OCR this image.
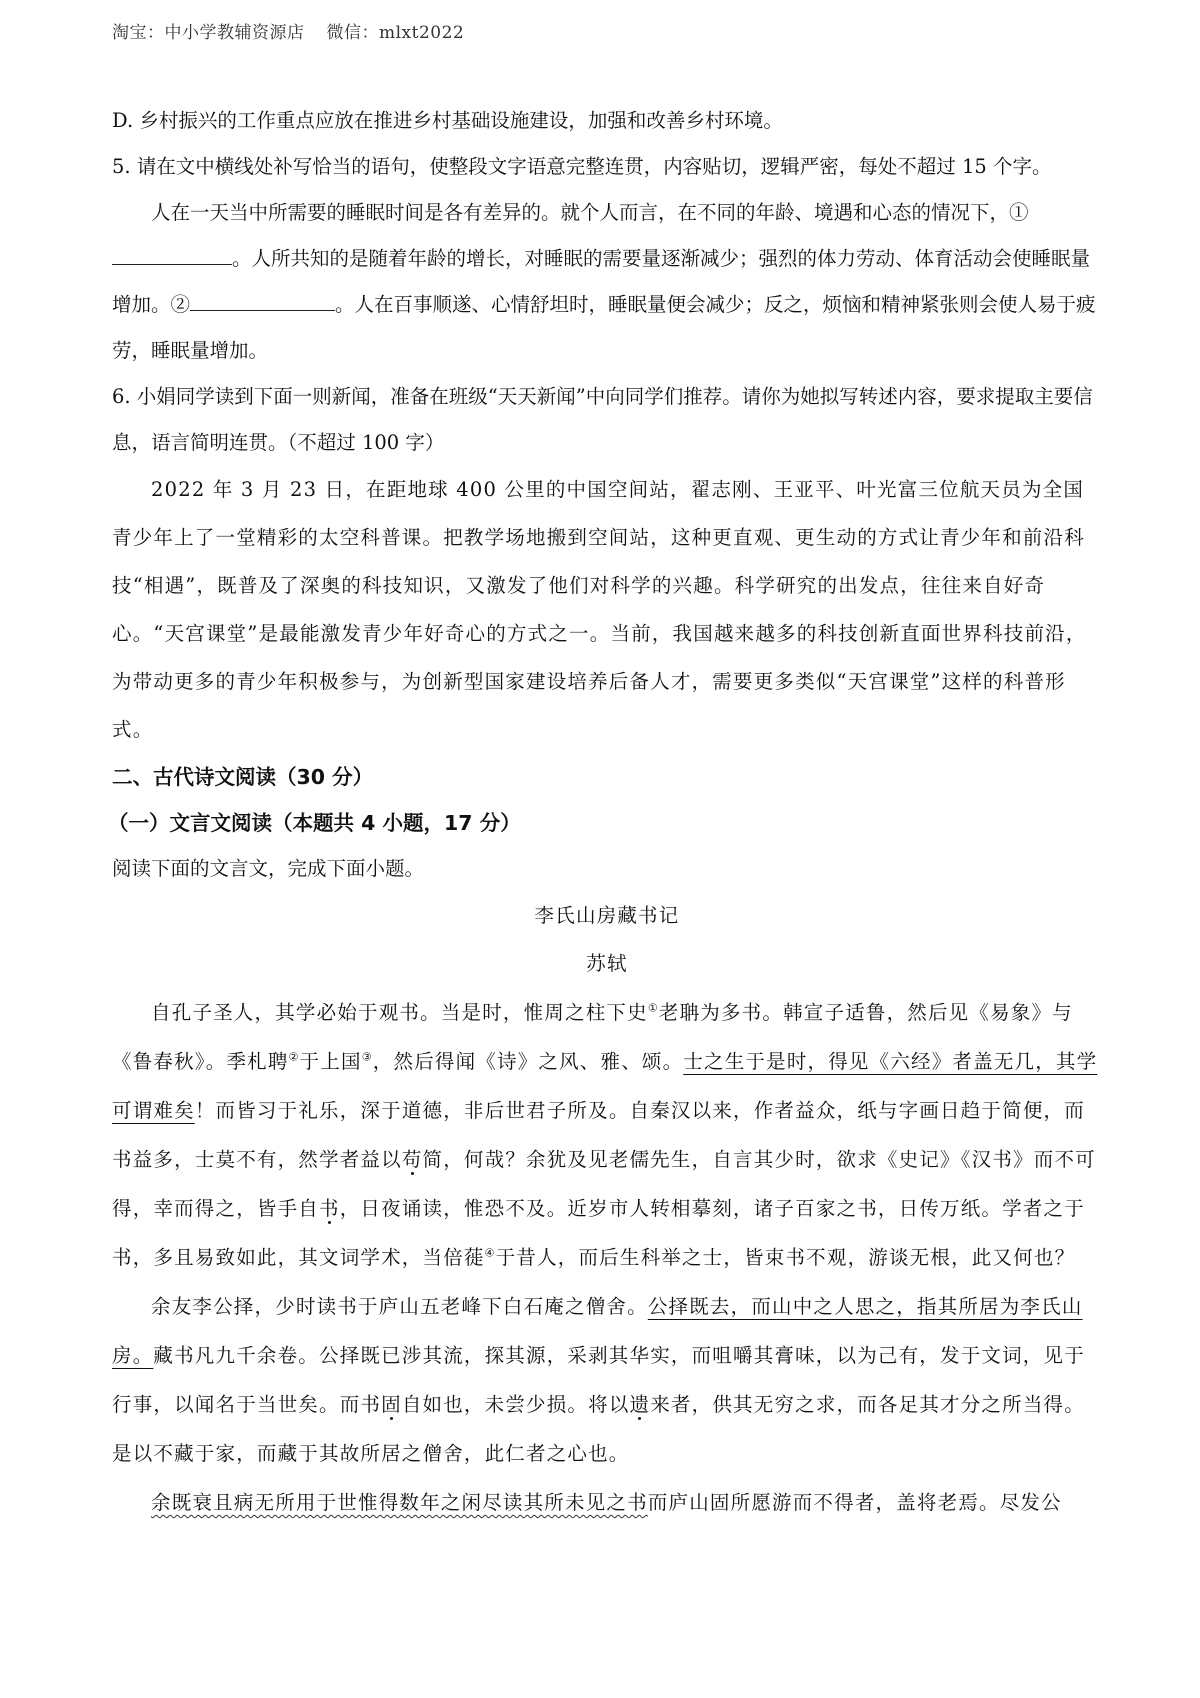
淘宝：中小学教辅资源店 微信：mlxt2022

D. 乡村振兴的工作重点应放在推进乡村基础设施建设，加强和改善乡村环境。

5. 请在文中横线处补写恰当的语句，使整段文字语意完整连贯，内容贴切，逻辑严密，每处不超过 15 个字。

人在一天当中所需要的睡眠时间是各有差异的。就个人而言，在不同的年龄、境遇和心态的情况下，①。人所共知的是随着年龄的增长，对睡眠的需要量逐渐减少；强烈的体力劳动、体育活动会使睡眠量增加。②	。人在百事顺遂、心情舒坦时，睡眠量便会减少；反之，烦恼和精神紧张则会使人易于疲劳，睡眠量增加。

6. 小娟同学读到下面一则新闻，准备在班级“天天新闻”中向同学们推荐。请你为她拟写转述内容，要求提取主要信息，语言简明连贯。（不超过 100 字）

2022 年 3 月 23 日，在距地球 400 公里的中国空间站，翟志刚、王亚平、叶光富三位航天员为全国青少年上了一堂精彩的太空科普课。把教学场地搬到空间站，这种更直观、更生动的方式让青少年和前沿科技“相遇”，既普及了深奥的科技知识，又激发了他们对科学的兴趣。科学研究的出发点，往往来自好奇心。“天宫课堂”是最能激发青少年好奇心的方式之一。当前，我国越来越多的科技创新直面世界科技前沿，为带动更多的青少年积极参与，为创新型国家建设培养后备人才，需要更多类似“天宫课堂”这样的科普形式。

二、古代诗文阅读（30 分）

（一）文言文阅读（本题共 4 小题，17 分）

阅读下面的文言文，完成下面小题。

李氏山房藏书记

苏轼

自孔子圣人，其学必始于观书。当是时，惟周之柱下史①老聃为多书。韩宣子适鲁，然后见《易象》与《鲁春秋》。季札聘②于上国③，然后得闻《诗》之风、雅、颂。士之生于是时，得见《六经》者盖无几，其学可谓难矣！而皆习于礼乐，深于道德，非后世君子所及。自秦汉以来，作者益众，纸与字画日趋于简便，而书益多，士莫不有，然学者益以苟简，何哉？余犹及见老儒先生，自言其少时，欲求《史记》《汉书》而不可得，幸而得之，皆手自书，日夜诵读，惟恐不及。近岁市人转相摹刻，诸子百家之书，日传万纸。学者之于书，多且易致如此，其文词学术，当倍蓰④于昔人，而后生科举之士，皆束书不观，游谈无根，此又何也？

余友李公择，少时读书于庐山五老峰下白石庵之僧舍。公择既去，而山中之人思之，指其所居为李氏山房。藏书凡九千余卷。公择既已涉其流，探其源，采剥其华实，而咀嚼其膏味，以为己有，发于文词，见于行事，以闻名于当世矣。而书固自如也，未尝少损。将以遗来者，供其无穷之求，而各足其才分之所当得。是以不藏于家，而藏于其故所居之僧舍，此仁者之心也。

余既衰且病无所用于世惟得数年之闲尽读其所未见之书而庐山固所愿游而不得者，盖将老焉。尽发公
